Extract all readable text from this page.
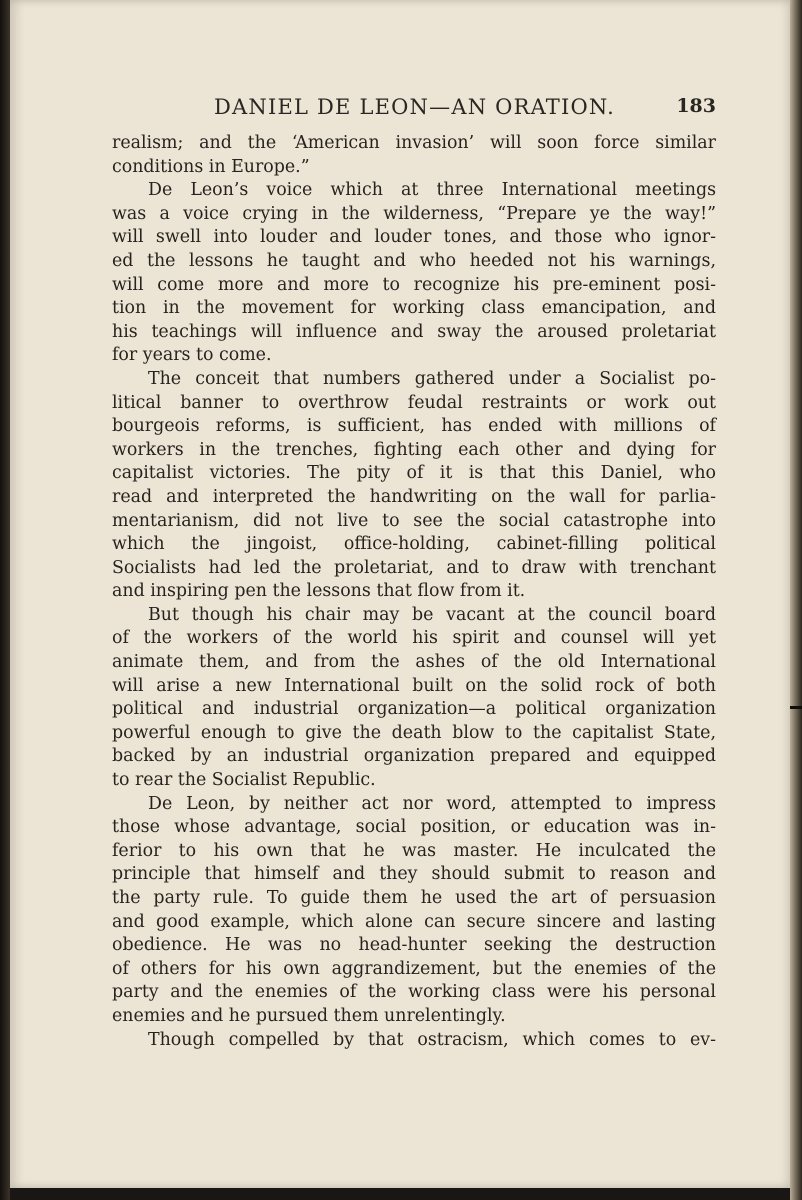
DANIEL DE LEON—AN ORATION.	183
realism; and the ‘American invasion’ will soon force similar
conditions in Europe.”
De Leon’s voice which at three International meetings
was a voice crying in the wilderness, “Prepare ye the way!”
will swell into louder and louder tones, and those who ignor-
ed the lessons he taught and who heeded not his warnings,
will come more and more to recognize his pre-eminent posi-
tion in the movement for working class emancipation, and
his teachings will influence and sway the aroused proletariat
for years to come.
The conceit that numbers gathered under a Socialist po-
litical banner to overthrow feudal restraints or work out
bourgeois reforms, is sufficient, has ended with millions of
workers in the trenches, fighting each other and dying for
capitalist victories. The pity of it is that this Daniel, who
read and interpreted the handwriting on the wall for parlia-
mentarianism, did not live to see the social catastrophe into
which the jingoist, office-holding, cabinet-filling political
Socialists had led the proletariat, and to draw with trenchant
and inspiring pen the lessons that flow from it.
But though his chair may be vacant at the council board
of the workers of the world his spirit and counsel will yet
animate them, and from the ashes of the old International
will arise a new International built on the solid rock of both
political and industrial organization—a political organization
powerful enough to give the death blow to the capitalist State,
backed by an industrial organization prepared and equipped
to rear the Socialist Republic.
De Leon, by neither act nor word, attempted to impress
those whose advantage, social position, or education was in-
ferior to his own that he was master. He inculcated the
principle that himself and they should submit to reason and
the party rule. To guide them he used the art of persuasion
and good example, which alone can secure sincere and lasting
obedience. He was no head-hunter seeking the destruction
of others for his own aggrandizement, but the enemies of the
party and the enemies of the working class were his personal
enemies and he pursued them unrelentingly.
Though compelled by that ostracism, which comes to ev-
